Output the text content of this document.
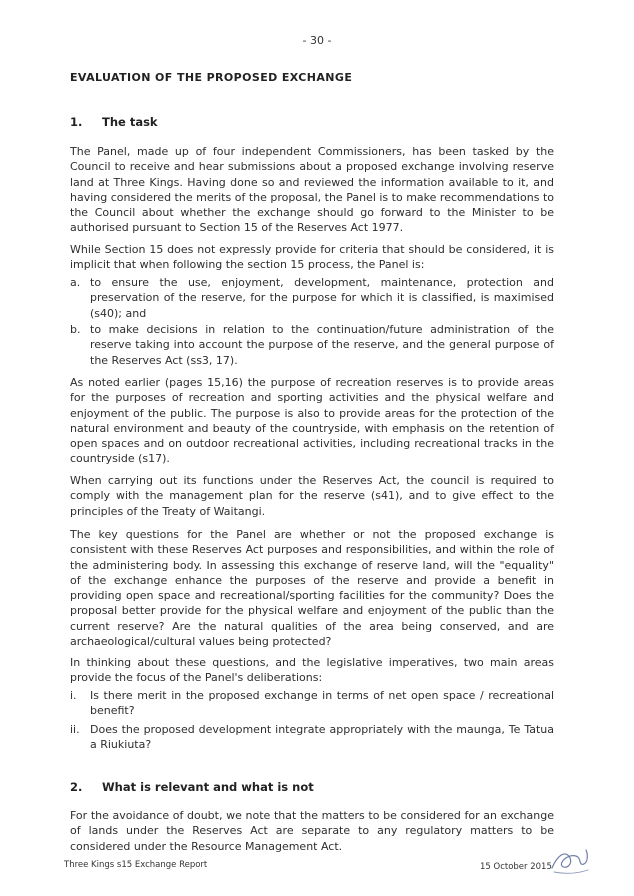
- 30 -
EVALUATION OF THE PROPOSED EXCHANGE
1. The task

The Panel, made up of four independent Commissioners, has been tasked by the Council to receive and hear submissions about a proposed exchange involving reserve land at Three Kings. Having done so and reviewed the information available to it, and having considered the merits of the proposal, the Panel is to make recommendations to the Council about whether the exchange should go forward to the Minister to be authorised pursuant to Section 15 of the Reserves Act 1977.

While Section 15 does not expressly provide for criteria that should be considered, it is implicit that when following the section 15 process, the Panel is:

a. to ensure the use, enjoyment, development, maintenance, protection and preservation of the reserve, for the purpose for which it is classified, is maximised (s40); and
b. to make decisions in relation to the continuation/future administration of the reserve taking into account the purpose of the reserve, and the general purpose of the Reserves Act (ss3, 17).

As noted earlier (pages 15,16) the purpose of recreation reserves is to provide areas for the purposes of recreation and sporting activities and the physical welfare and enjoyment of the public. The purpose is also to provide areas for the protection of the natural environment and beauty of the countryside, with emphasis on the retention of open spaces and on outdoor recreational activities, including recreational tracks in the countryside (s17).

When carrying out its functions under the Reserves Act, the council is required to comply with the management plan for the reserve (s41), and to give effect to the principles of the Treaty of Waitangi.

The key questions for the Panel are whether or not the proposed exchange is consistent with these Reserves Act purposes and responsibilities, and within the role of the administering body. In assessing this exchange of reserve land, will the "equality" of the exchange enhance the purposes of the reserve and provide a benefit in providing open space and recreational/sporting facilities for the community? Does the proposal better provide for the physical welfare and enjoyment of the public than the current reserve? Are the natural qualities of the area being conserved, and are archaeological/cultural values being protected?

In thinking about these questions, and the legislative imperatives, two main areas provide the focus of the Panel's deliberations:

i. Is there merit in the proposed exchange in terms of net open space / recreational benefit?
ii. Does the proposed development integrate appropriately with the maunga, Te Tatua a Riukiuta?
2. What is relevant and what is not

For the avoidance of doubt, we note that the matters to be considered for an exchange of lands under the Reserves Act are separate to any regulatory matters to be considered under the Resource Management Act.

Three Kings s15 Exchange Report	15 October 2015
